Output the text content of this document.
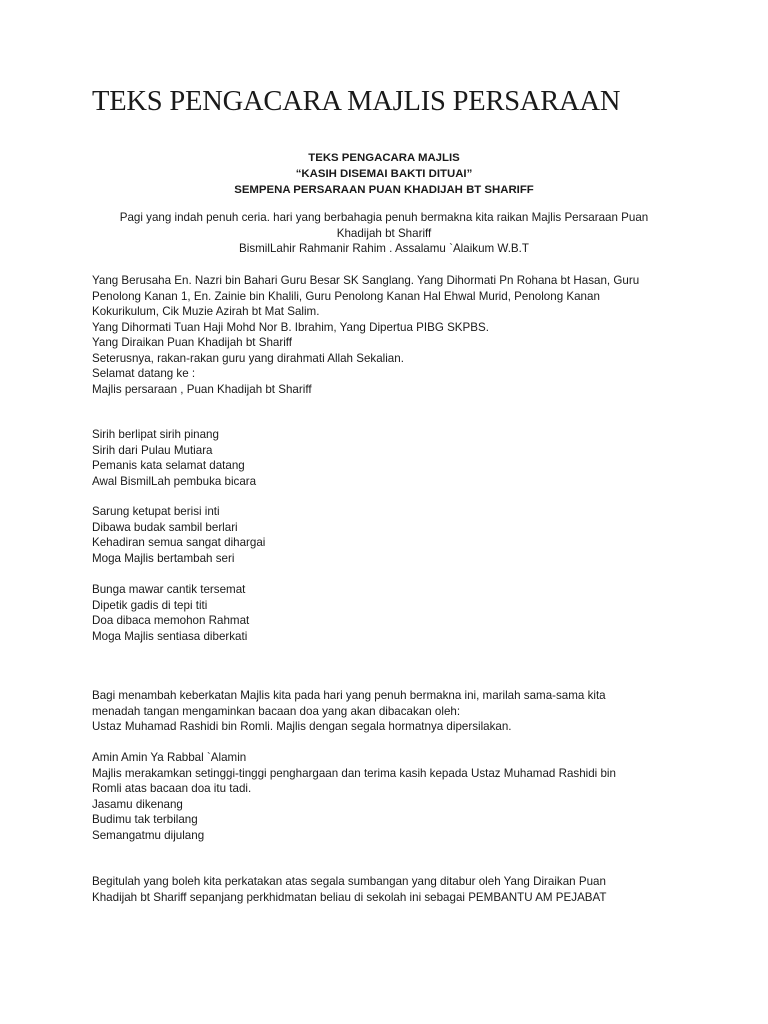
TEKS PENGACARA MAJLIS PERSARAAN
TEKS PENGACARA MAJLIS
“KASIH DISEMAI BAKTI DITUAI”
SEMPENA PERSARAAN PUAN KHADIJAH BT SHARIFF
Pagi yang indah penuh ceria. hari yang berbahagia penuh bermakna kita raikan Majlis Persaraan Puan
Khadijah bt Shariff
BismilLahir Rahmanir Rahim . Assalamu `Alaikum W.B.T
Yang Berusaha En. Nazri bin Bahari Guru Besar SK Sanglang. Yang Dihormati Pn Rohana bt Hasan, Guru
Penolong Kanan 1, En. Zainie bin Khalili, Guru Penolong Kanan Hal Ehwal Murid, Penolong Kanan
Kokurikulum, Cik Muzie Azirah bt Mat Salim.
Yang Dihormati Tuan Haji Mohd Nor B. Ibrahim, Yang Dipertua PIBG SKPBS.
Yang Diraikan Puan Khadijah bt Shariff
Seterusnya, rakan-rakan guru yang dirahmati Allah Sekalian.
Selamat datang ke :
Majlis persaraan , Puan Khadijah bt Shariff
Sirih berlipat sirih pinang
Sirih dari Pulau Mutiara
Pemanis kata selamat datang
Awal BismilLah pembuka bicara
Sarung ketupat berisi inti
Dibawa budak sambil berlari
Kehadiran semua sangat dihargai
Moga Majlis bertambah seri
Bunga mawar cantik tersemat
Dipetik gadis di tepi titi
Doa dibaca memohon Rahmat
Moga Majlis sentiasa diberkati
Bagi menambah keberkatan Majlis kita pada hari yang penuh bermakna ini, marilah sama-sama kita
menadah tangan mengaminkan bacaan doa yang akan dibacakan oleh:
Ustaz Muhamad Rashidi bin Romli. Majlis dengan segala hormatnya dipersilakan.
Amin Amin Ya Rabbal `Alamin
Majlis merakamkan setinggi-tinggi penghargaan dan terima kasih kepada Ustaz Muhamad Rashidi bin
Romli atas bacaan doa itu tadi.
Jasamu dikenang
Budimu tak terbilang
Semangatmu dijulang
Begitulah yang boleh kita perkatakan atas segala sumbangan yang ditabur oleh Yang Diraikan Puan
Khadijah bt Shariff sepanjang perkhidmatan beliau di sekolah ini sebagai PEMBANTU AM PEJABAT
